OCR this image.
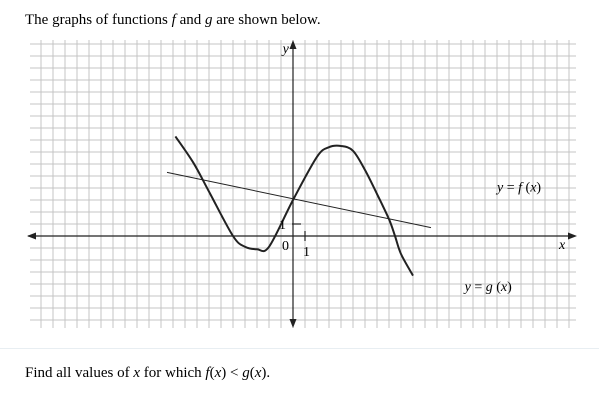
The graphs of functions f and g are shown below.

y
x
0 1
1
y = f (x)
y = g (x)

Find all values of x for which f(x) < g(x).
